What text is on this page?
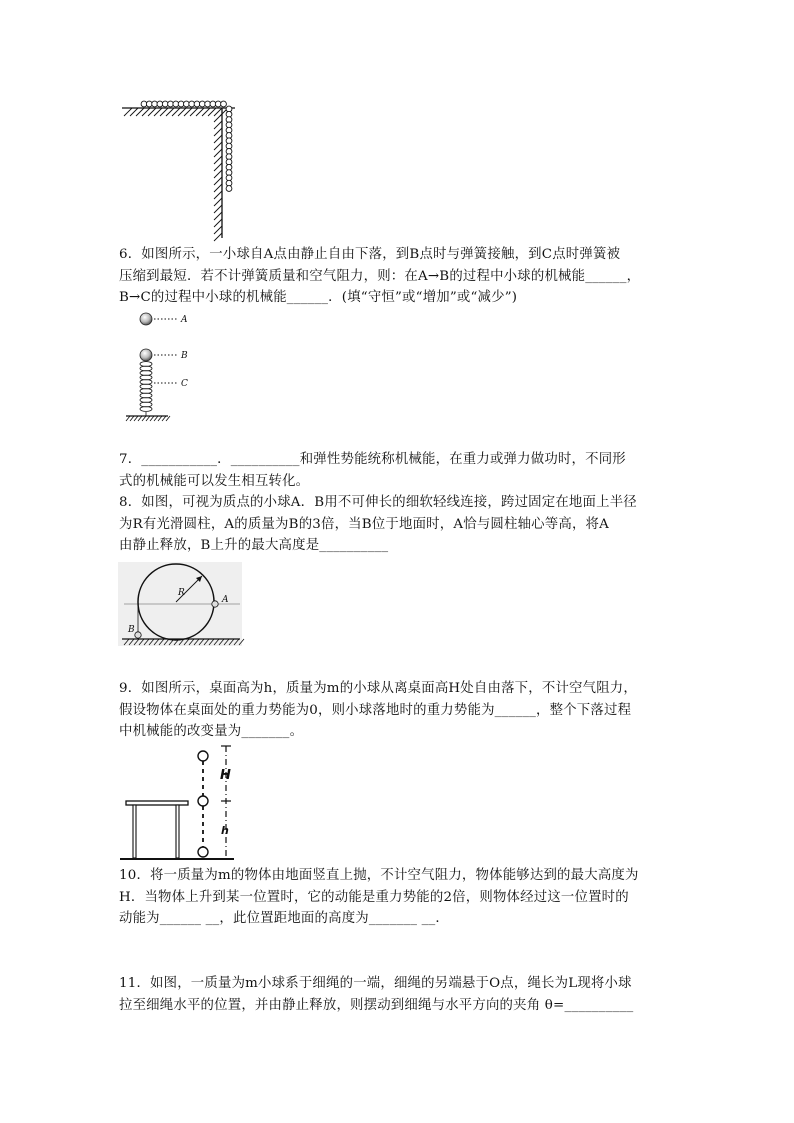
6．如图所示，一小球自A点由静止自由下落，到B点时与弹簧接触，到C点时弹簧被
压缩到最短．若不计弹簧质量和空气阻力，则：在A→B的过程中小球的机械能______，
B→C的过程中小球的机械能______．(填“守恒”或“增加”或“减少”)
A
B
C
7．___________．__________和弹性势能统称机械能，在重力或弹力做功时，不同形
式的机械能可以发生相互转化。
8．如图，可视为质点的小球A．B用不可伸长的细软轻线连接，跨过固定在地面上半径
为R有光滑圆柱，A的质量为B的3倍，当B位于地面时，A恰与圆柱轴心等高，将A
由静止释放，B上升的最大高度是__________
R
A
B
9．如图所示，桌面高为h，质量为m的小球从离桌面高H处自由落下，不计空气阻力，
假设物体在桌面处的重力势能为0，则小球落地时的重力势能为______，整个下落过程
中机械能的改变量为_______。
H
h
10．将一质量为m的物体由地面竖直上抛，不计空气阻力，物体能够达到的最大高度为
H．当物体上升到某一位置时，它的动能是重力势能的2倍，则物体经过这一位置时的
动能为______ __，此位置距地面的高度为_______ __．
11．如图，一质量为m小球系于细绳的一端，细绳的另端悬于O点，绳长为L现将小球
拉至细绳水平的位置，并由静止释放，则摆动到细绳与水平方向的夹角 θ=__________
